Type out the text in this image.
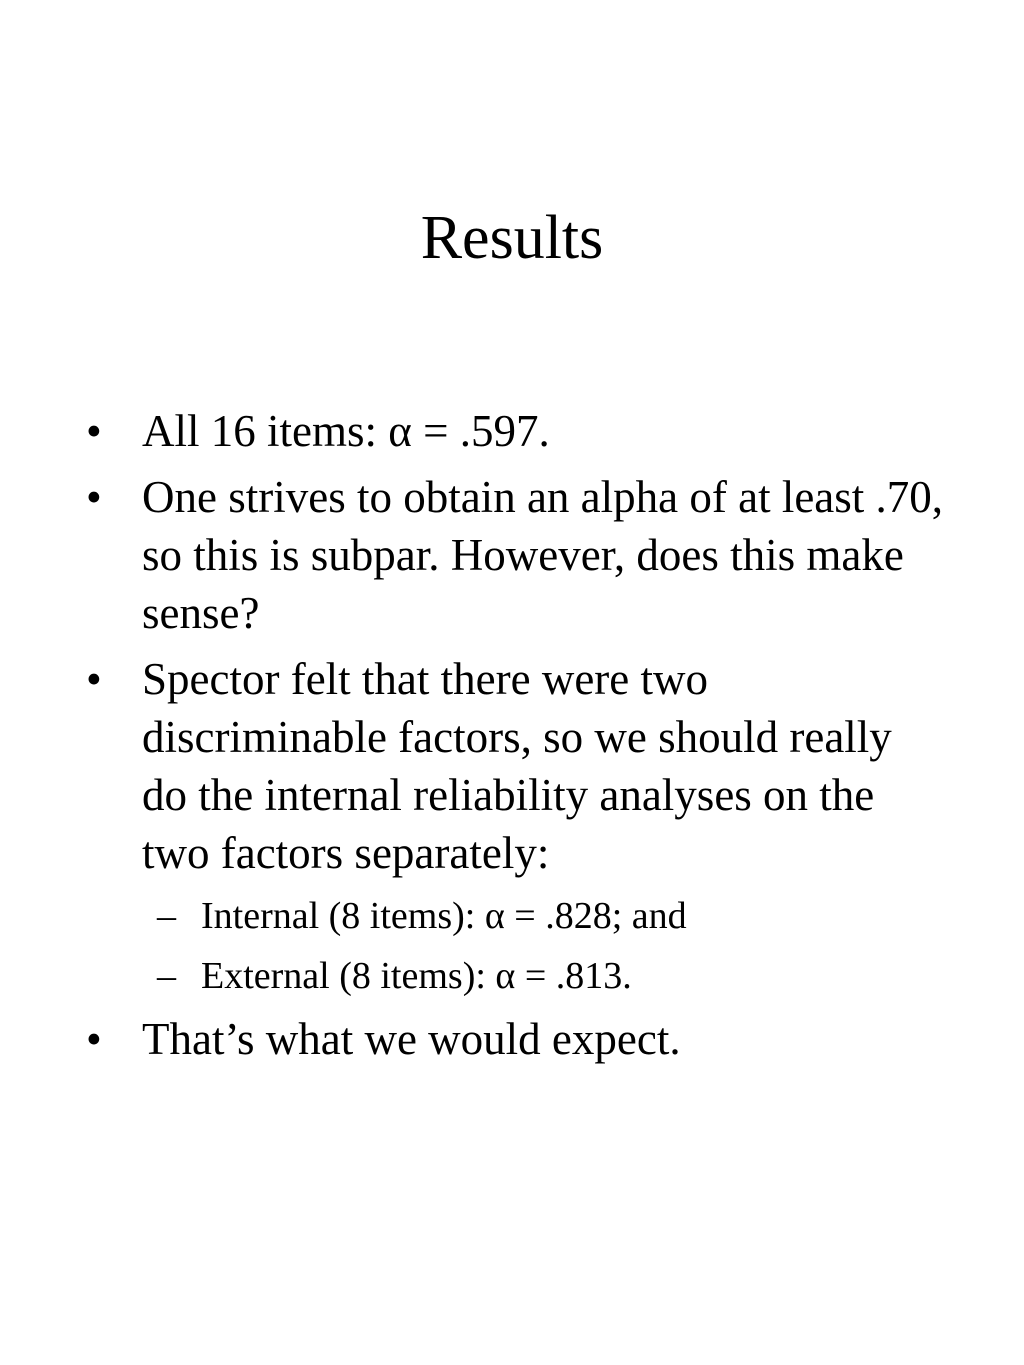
Results
• All 16 items: α = .597.
• One strives to obtain an alpha of at least .70, so this is subpar. However, does this make sense?
• Spector felt that there were two discriminable factors, so we should really do the internal reliability analyses on the two factors separately:
– Internal (8 items): α = .828; and
– External (8 items): α = .813.
• That’s what we would expect.
